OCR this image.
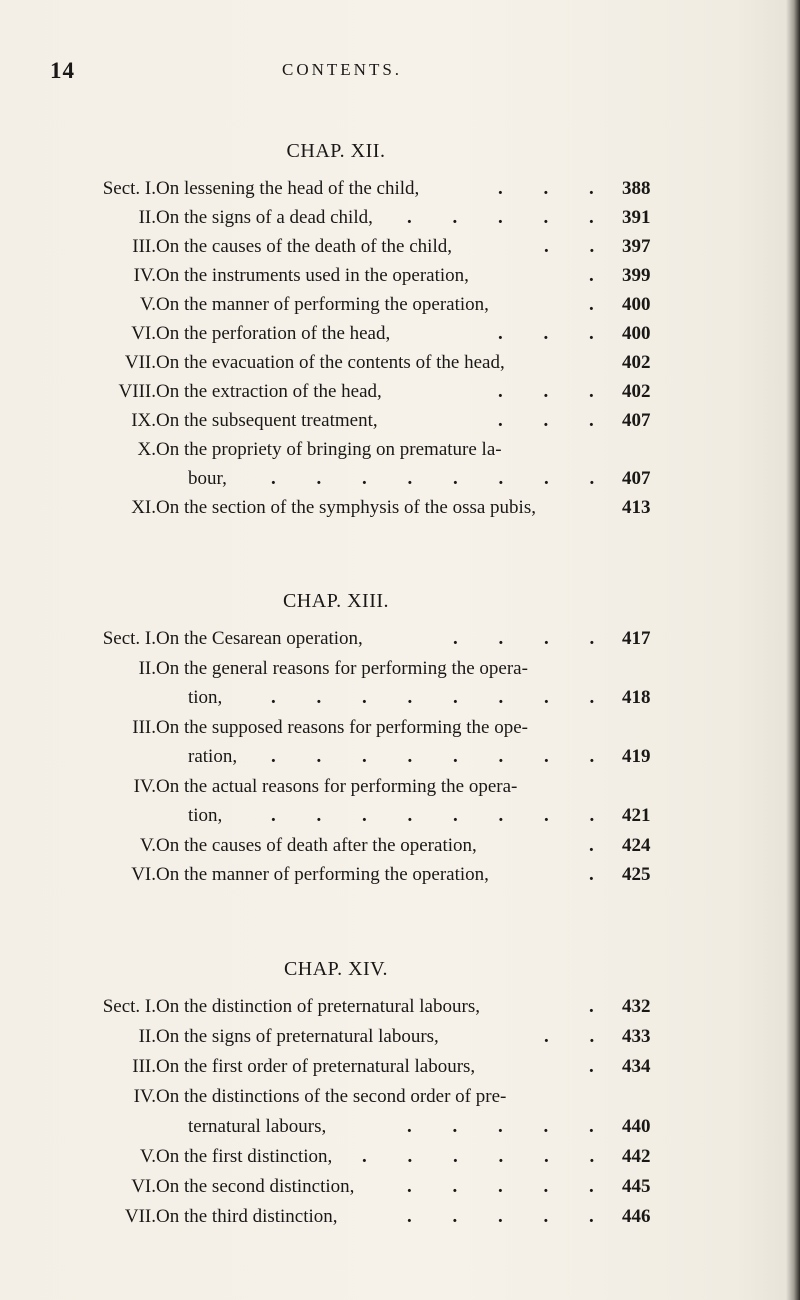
14	CONTENTS.
CHAP. XII.
Sect. I. On lessening the head of the child,	. . . 388
II. On the signs of a dead child, . . . . . 391
III. On the causes of the death of the child,	. . 397
IV. On the instruments used in the operation,	. 399
V. On the manner of performing the operation,	. 400
VI. On the perforation of the head,	. . . 400
VII. On the evacuation of the contents of the head,	402
VIII. On the extraction of the head,	. . . 402
IX. On the subsequent treatment,	. . . 407
X. On the propriety of bringing on premature la-
bour, . . . . . . . . 407
XI. On the section of the symphysis of the ossa pubis,	413
CHAP. XIII.
Sect. I. On the Cesarean operation,	. . . . 417
II. On the general reasons for performing the opera-
tion,	. . . . . . . . 418
III. On the supposed reasons for performing the ope-
ration, . . . . . . . . 419
IV. On the actual reasons for performing the opera-
tion,	. . . . . . . . 421
V. On the causes of death after the operation,	. 424
VI. On the manner of performing the operation,	. 425
CHAP. XIV.
Sect. I. On the distinction of preternatural labours,	. 432
II. On the signs of preternatural labours,	. . 433
III. On the first order of preternatural labours,	. 434
IV. On the distinctions of the second order of pre-
ternatural labours,	. . . . . 440
V. On the first distinction, . . . . . . 442
VI. On the second distinction,	. . . . . 445
VII. On the third distinction,	. . . . . 446
